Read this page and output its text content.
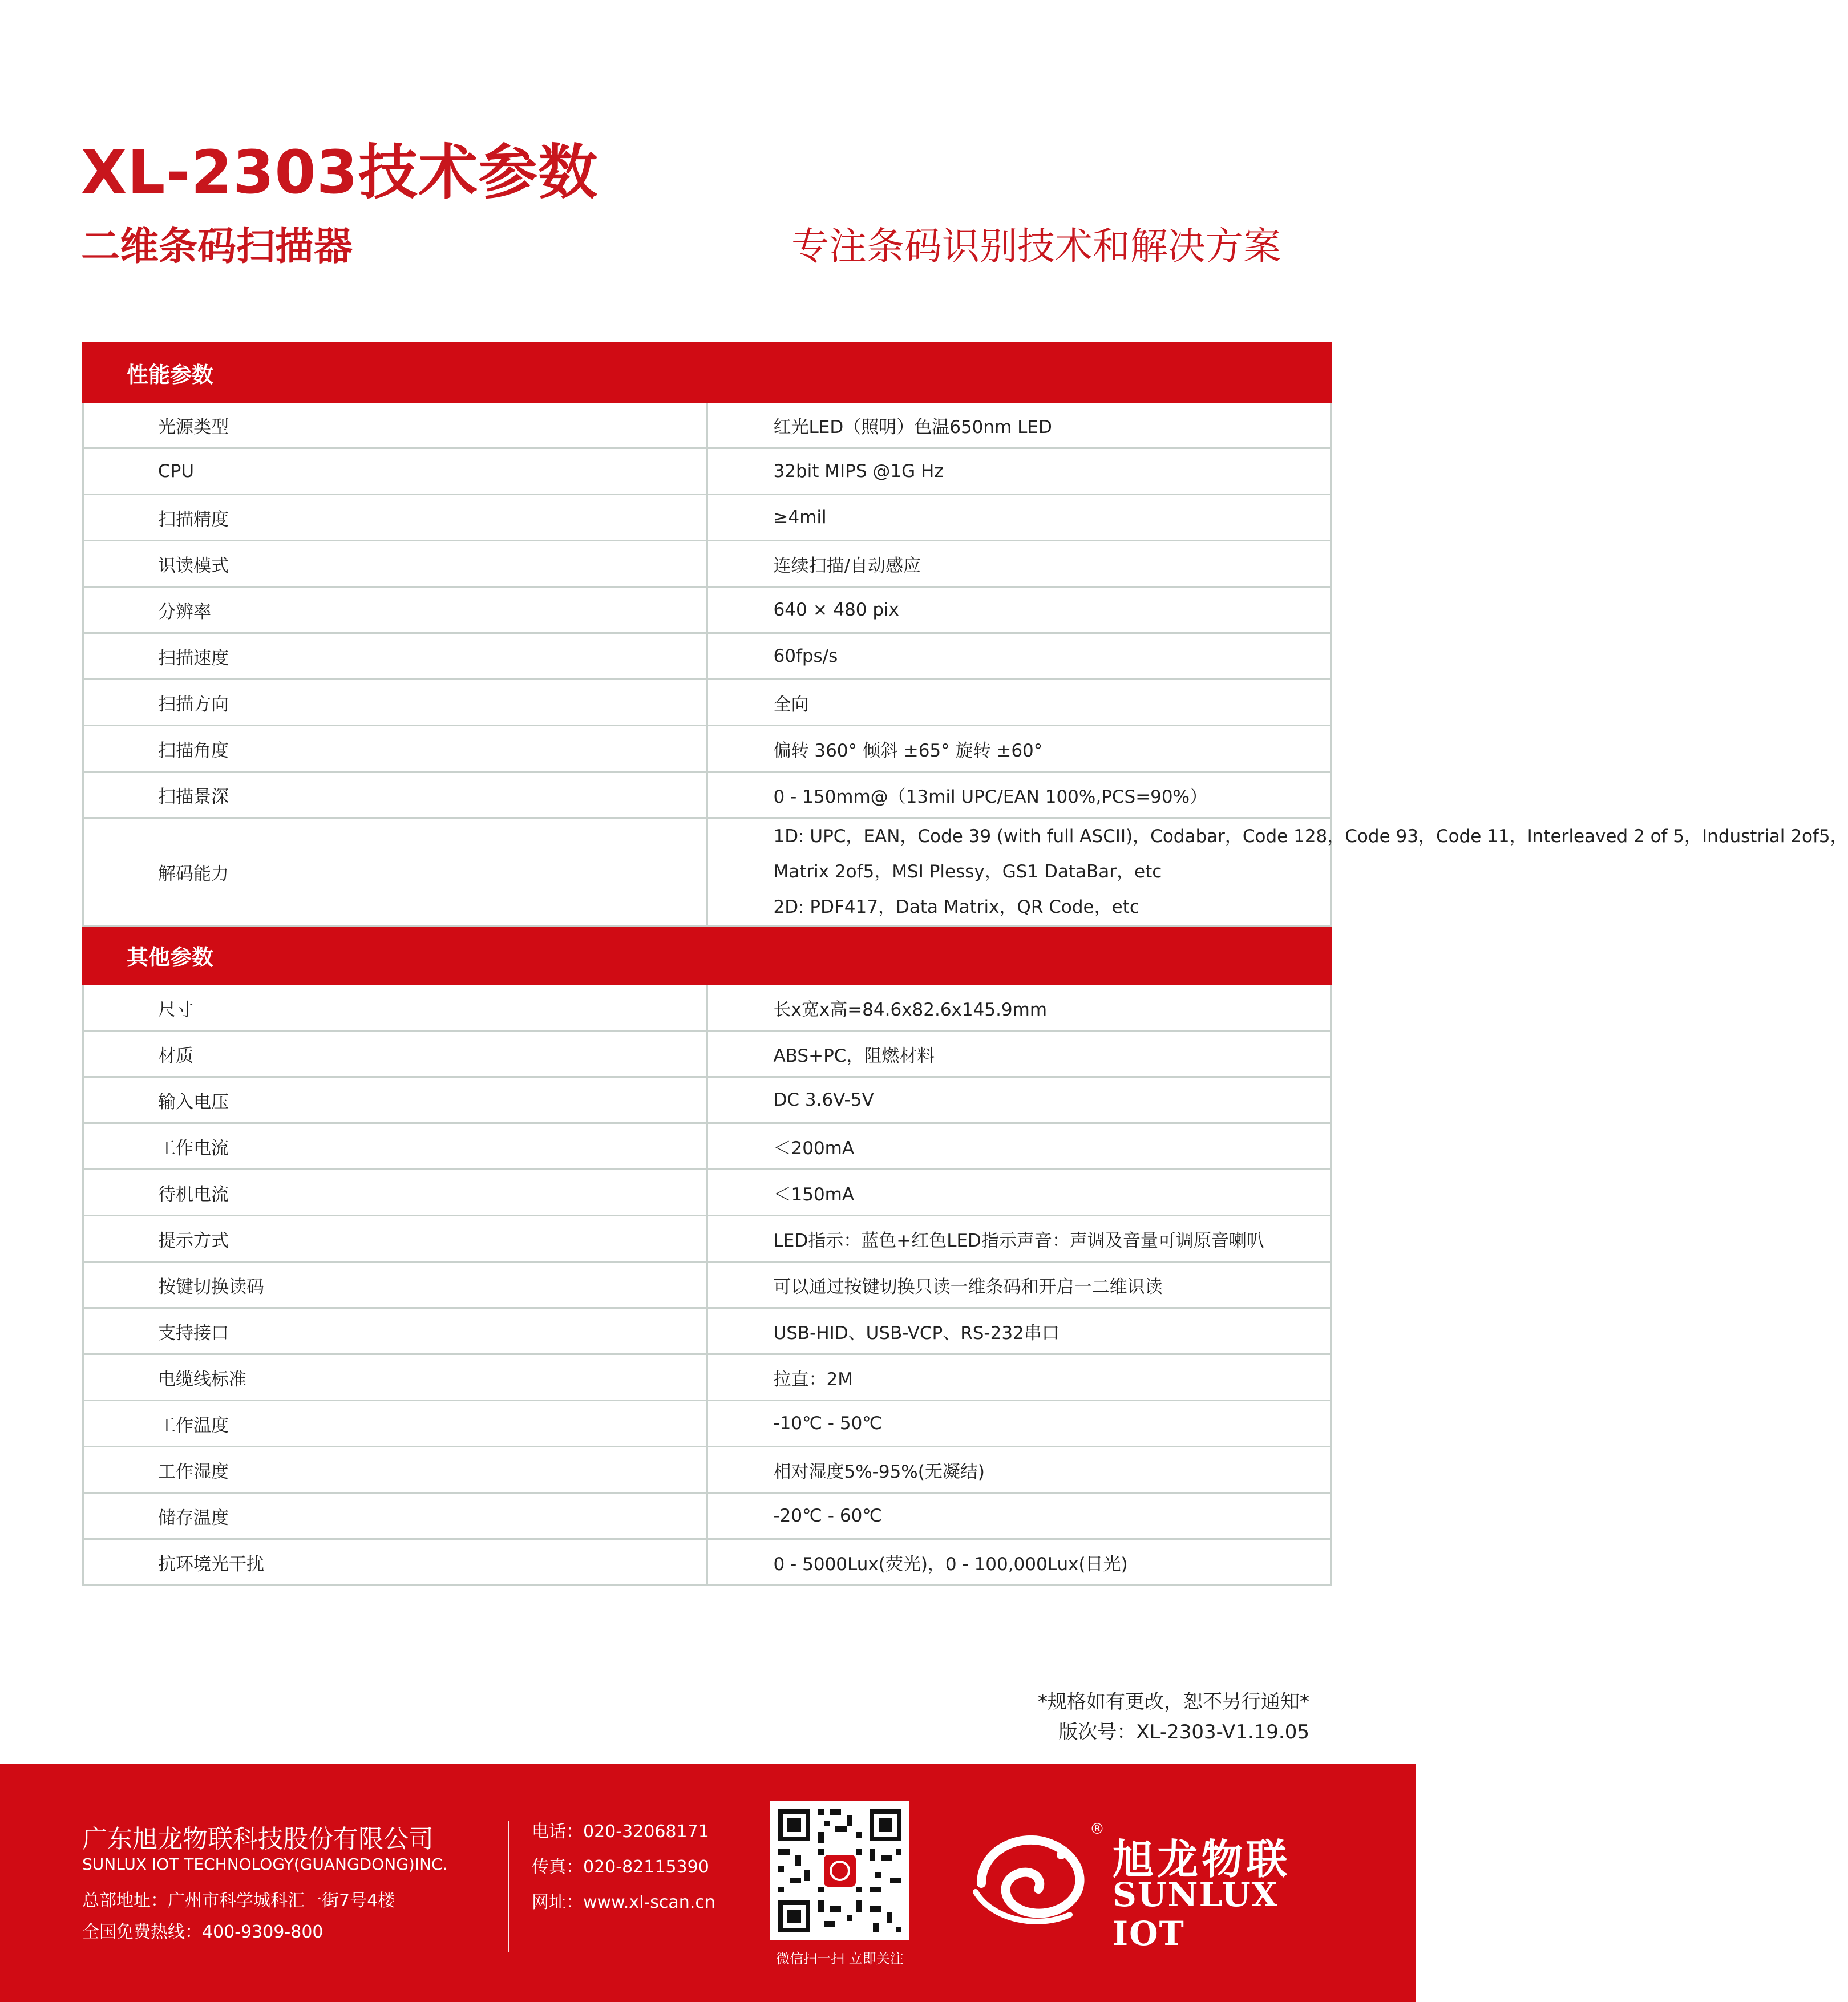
XL-2303技术参数
二维条码扫描器	专注条码识别技术和解决方案
性能参数	
光源类型	红光LED（照明）色温650nm LED
CPU	32bit MIPS @1G Hz
扫描精度	≥4mil
识读模式	连续扫描/自动感应
分辨率	640 × 480 pix
扫描速度	60fps/s
扫描方向	全向
扫描角度	偏转 360° 倾斜 ±65° 旋转 ±60°
扫描景深	0 - 150mm@（13mil UPC/EAN 100%,PCS=90%）
解码能力	1D: UPC，EAN，Code 39 (with full ASCII)，Codabar，Code 128，Code 93，Code 11，Interleaved 2 of 5，Industrial 2of5，
Matrix 2of5，MSI Plessy，GS1 DataBar，etc
2D: PDF417，Data Matrix，QR Code，etc

其他参数	
尺寸	长x宽x高=84.6x82.6x145.9mm
材质	ABS+PC，阻燃材料
输入电压	DC 3.6V-5V
工作电流	＜200mA
待机电流	＜150mA
提示方式	LED指示：蓝色+红色LED指示声音：声调及音量可调原音喇叭
按键切换读码	可以通过按键切换只读一维条码和开启一二维识读
支持接口	USB-HID、USB-VCP、RS-232串口
电缆线标准	拉直：2M
工作温度	-10℃ - 50℃
工作湿度	相对湿度5%-95%(无凝结)
储存温度	-20℃ - 60℃
抗环境光干扰	0 - 5000Lux(荧光)，0 - 100,000Lux(日光)
*规格如有更改，恕不另行通知*
版次号：XL-2303-V1.19.05
广东旭龙物联科技股份有限公司
SUNLUX IOT TECHNOLOGY(GUANGDONG)INC.
总部地址：广州市科学城科汇一街7号4楼
全国免费热线：400-9309-800
电话：020-32068171
传真：020-82115390
网址：www.xl-scan.cn
微信扫一扫 立即关注
®
旭龙物联
SUNLUX IOT
